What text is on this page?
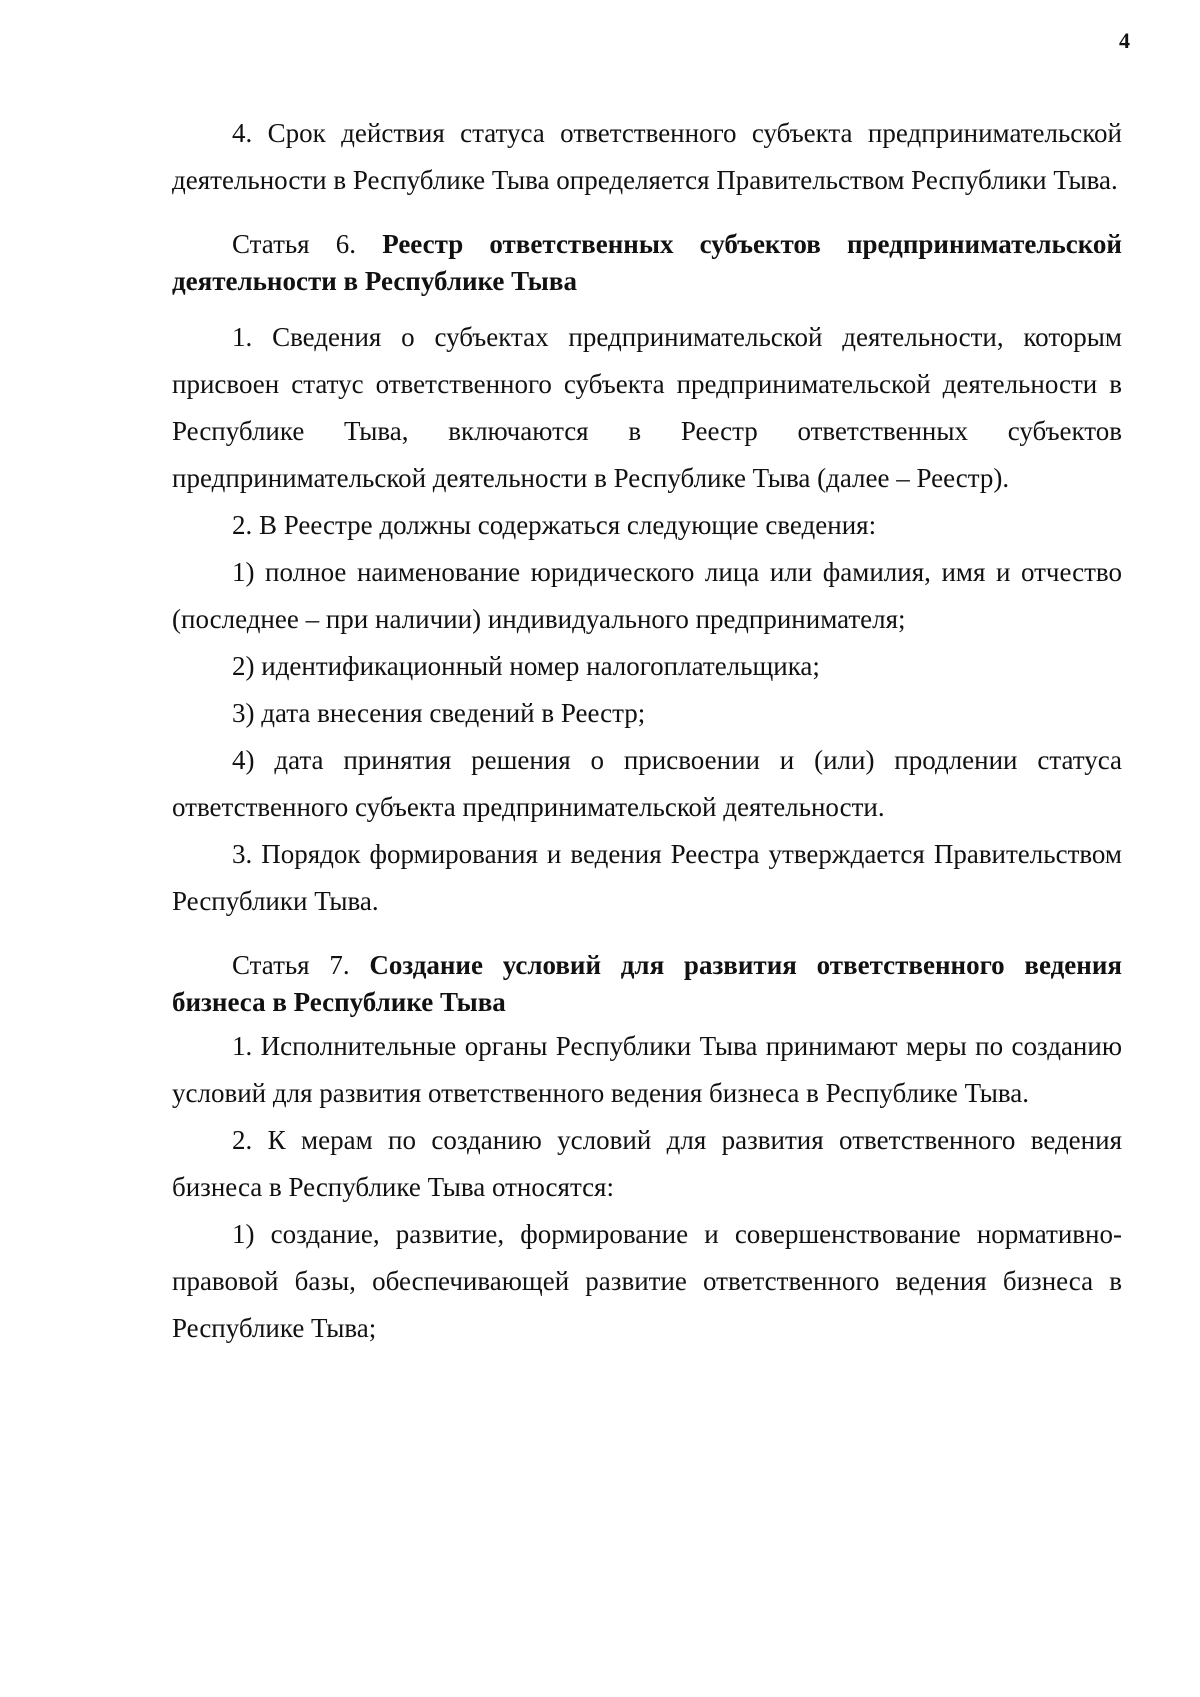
4

4. Срок действия статуса ответственного субъекта предпринимательской деятельности в Республике Тыва определяется Правительством Республики Тыва.

Статья 6. Реестр ответственных субъектов предпринимательской деятельности в Республике Тыва

1. Сведения о субъектах предпринимательской деятельности, которым присвоен статус ответственного субъекта предпринимательской деятельности в Республике Тыва, включаются в Реестр ответственных субъектов предпринимательской деятельности в Республике Тыва (далее – Реестр).

2. В Реестре должны содержаться следующие сведения:

1) полное наименование юридического лица или фамилия, имя и отчество (последнее – при наличии) индивидуального предпринимателя;

2) идентификационный номер налогоплательщика;

3) дата внесения сведений в Реестр;

4) дата принятия решения о присвоении и (или) продлении статуса ответственного субъекта предпринимательской деятельности.

3. Порядок формирования и ведения Реестра утверждается Правительством Республики Тыва.

Статья 7. Создание условий для развития ответственного ведения бизнеса в Республике Тыва

1. Исполнительные органы Республики Тыва принимают меры по созданию условий для развития ответственного ведения бизнеса в Республике Тыва.

2. К мерам по созданию условий для развития ответственного ведения бизнеса в Республике Тыва относятся:

1) создание, развитие, формирование и совершенствование нормативно-правовой базы, обеспечивающей развитие ответственного ведения бизнеса в Республике Тыва;
